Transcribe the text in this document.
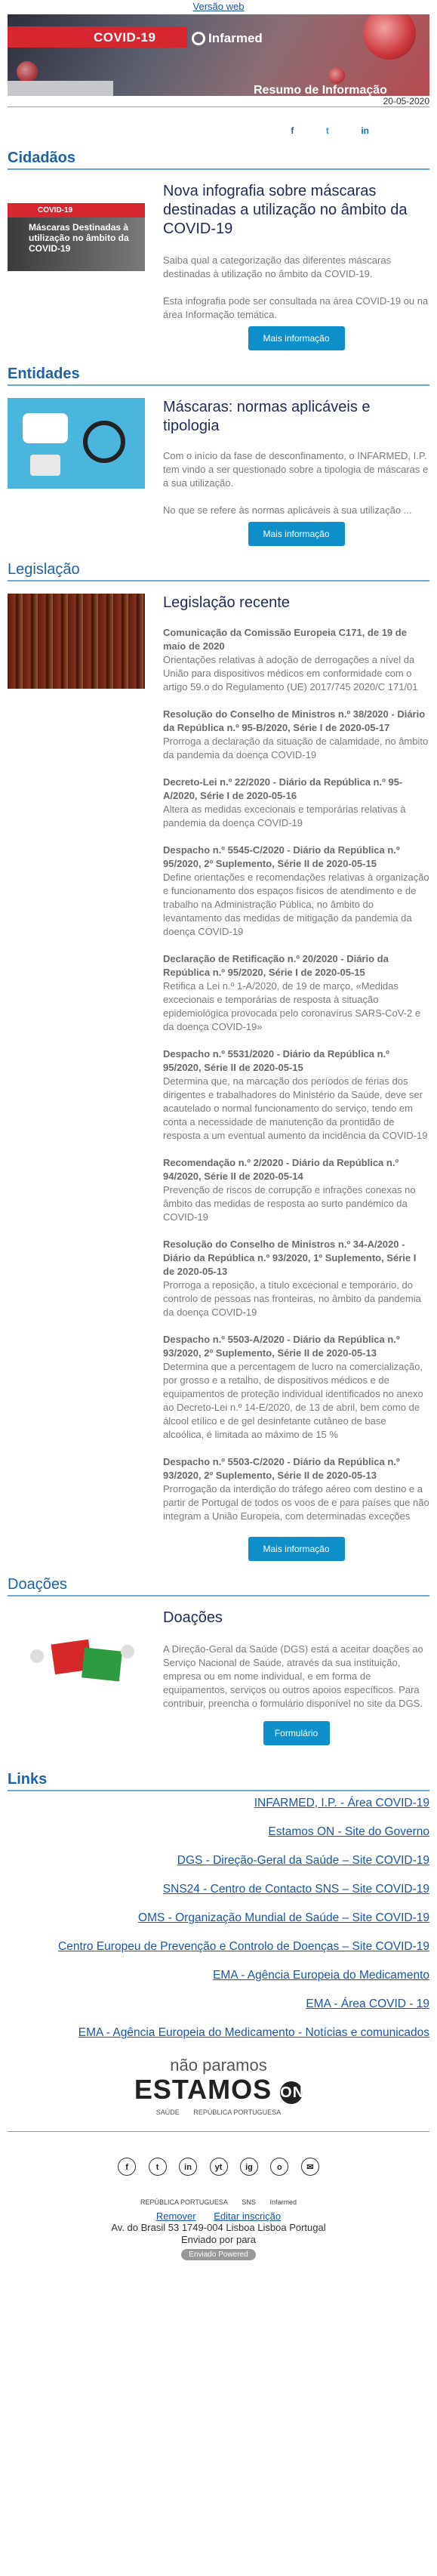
Versão web
COVID-19	Infarmed
Resumo de Informação
20-05-2020
f	t	in
Cidadãos
COVID-19
Máscaras Destinadas à utilização no âmbito da COVID-19
Nova infografia sobre máscaras destinadas a utilização no âmbito da COVID-19

Saiba qual a categorização das diferentes máscaras destinadas à utilização no âmbito da COVID-19.

Esta infografia pode ser consultada na área COVID-19 ou na área Informação temática.

Mais informação
Entidades
Máscaras: normas aplicáveis e tipologia

Com o início da fase de desconfinamento, o INFARMED, I.P. tem vindo a ser questionado sobre a tipologia de máscaras e a sua utilização.

No que se refere às normas aplicáveis à sua utilização ...

Mais informação
Legislação
Legislação recente
Comunicação da Comissão Europeia C171, de 19 de maio de 2020
Orientações relativas à adoção de derrogações a nível da União para dispositivos médicos em conformidade com o artigo 59.o do Regulamento (UE) 2017/745 2020/C 171/01
Resolução do Conselho de Ministros n.º 38/2020 - Diário da República n.º 95-B/2020, Série I de 2020-05-17
Prorroga a declaração da situação de calamidade, no âmbito da pandemia da doença COVID-19
Decreto-Lei n.º 22/2020 - Diário da República n.º 95-A/2020, Série I de 2020-05-16
Altera as medidas excecionais e temporárias relativas à pandemia da doença COVID-19
Despacho n.º 5545-C/2020 - Diário da República n.º 95/2020, 2º Suplemento, Série II de 2020-05-15
Define orientações e recomendações relativas à organização e funcionamento dos espaços físicos de atendimento e de trabalho na Administração Pública, no âmbito do levantamento das medidas de mitigação da pandemia da doença COVID-19
Declaração de Retificação n.º 20/2020 - Diário da República n.º 95/2020, Série I de 2020-05-15
Retifica a Lei n.º 1-A/2020, de 19 de março, «Medidas excecionais e temporárias de resposta à situação epidemiológica provocada pelo coronavírus SARS-CoV-2 e da doença COVID-19»
Despacho n.º 5531/2020 - Diário da República n.º 95/2020, Série II de 2020-05-15
Determina que, na marcação dos períodos de férias dos dirigentes e trabalhadores do Ministério da Saúde, deve ser acautelado o normal funcionamento do serviço, tendo em conta a necessidade de manutenção da prontidão de resposta a um eventual aumento da incidência da COVID-19
Recomendação n.º 2/2020 - Diário da República n.º 94/2020, Série II de 2020-05-14
Prevenção de riscos de corrupção e infrações conexas no âmbito das medidas de resposta ao surto pandémico da COVID-19
Resolução do Conselho de Ministros n.º 34-A/2020 - Diário da República n.º 93/2020, 1º Suplemento, Série I de 2020-05-13
Prorroga a reposição, a título excecional e temporário, do controlo de pessoas nas fronteiras, no âmbito da pandemia da doença COVID-19
Despacho n.º 5503-A/2020 - Diário da República n.º 93/2020, 2º Suplemento, Série II de 2020-05-13
Determina que a percentagem de lucro na comercialização, por grosso e a retalho, de dispositivos médicos e de equipamentos de proteção individual identificados no anexo ao Decreto-Lei n.º 14-E/2020, de 13 de abril, bem como de álcool etílico e de gel desinfetante cutâneo de base alcoólica, é limitada ao máximo de 15 %
Despacho n.º 5503-C/2020 - Diário da República n.º 93/2020, 2º Suplemento, Série II de 2020-05-13
Prorrogação da interdição do tráfego aéreo com destino e a partir de Portugal de todos os voos de e para países que não integram a União Europeia, com determinadas exceções
Mais informação
Doações
Doações

A Direção-Geral da Saúde (DGS) está a aceitar doações ao Serviço Nacional de Saúde, através da sua instituição, empresa ou em nome individual, e em forma de equipamentos, serviços ou outros apoios específicos. Para contribuir, preencha o formulário disponível no site da DGS.

Formulário
Links
INFARMED, I.P. - Área COVID-19
Estamos ON - Site do Governo
DGS - Direção-Geral da Saúde – Site COVID-19
SNS24 - Centro de Contacto SNS – Site COVID-19
OMS - Organização Mundial de Saúde – Site COVID-19
Centro Europeu de Prevenção e Controlo de Doenças – Site COVID-19
EMA - Agência Europeia do Medicamento
EMA - Área COVID - 19
EMA - Agência Europeia do Medicamento - Notícias e comunicados
não paramos
ESTAMOS ON
SAÚDE REPÚBLICA PORTUGUESA
f	t	in	yt	ig	o	✉
REPÚBLICA PORTUGUESA SNS Infarmed
Remover Editar inscrição
Av. do Brasil 53 1749-004 Lisboa Lisboa Portugal
Enviado por para
Enviado Powered
